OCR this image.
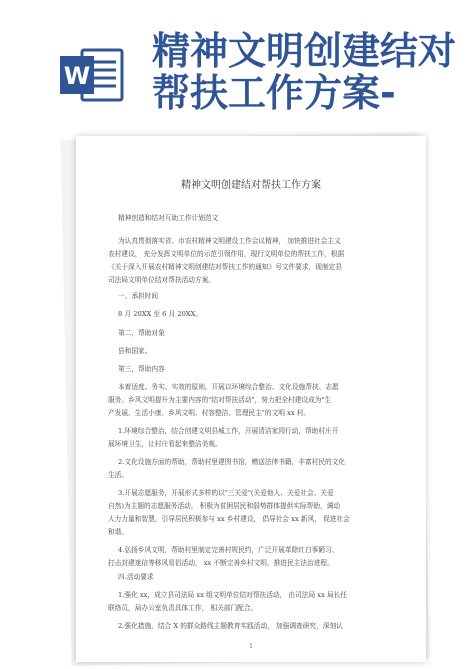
W
精神文明创建结对
帮扶工作方案-
精神文明创建结对帮扶工作方案
精神创造和结对互助工作计划范文
为认真贯彻落实省、市农村精神文明建设工作会议精神， 加快推进社会主义
农村建设， 充分发挥文明单位的示范引领作用，现行文明单位的帮扶工作，根据
《关于深入开展农村精神文明创建结对帮扶工作的通知》号文件要求，现制定县
司法局文明单位结对帮扶活动方案。
一、承担时间
8 月 20XX 至 6 月 20XX。
第二，帮助对象
县和国家。
第三，帮助内容
本着适度、务实、实效的原则，开展以环境综合整治、文化设施帮扶、志愿
服务、乡风文明提升为主要内容的"结对帮扶活动"，努力把全村建设成为"生
产发展、生活小康、乡风文明、村容整洁、管理民主"的文明 xx 村。
1.环境综合整治，结合创建文明县城工作，开展清洁家园行动，帮助村庄开
展环境卫生，让村庄看起来整洁美观。
2.文化设施方面的帮助，帮助村里建图书馆，赠送法律书籍，丰富村民的文化
生活。
3.开展志愿服务，开展形式多样的以"三关爱"(关爱他人、关爱社会、关爱
自然)为主题的志愿服务活动， 积极为贫困居民和弱势群体提供实际帮助，调动
人力力量和智慧，引导居民积极参与 xx 乡村建设， 倡导社会 xx 新风， 促进社会
和谐。
4.弘扬乡风文明，帮助村里制定完善村规民约，广泛开展革除红白事陋习、
打击封建迷信等移风易俗活动， xx 不断完善乡村文明，推进民主法治进程。
四.活动要求
1.强化 xx，成立县司法局 xx 组文明单位结对帮扶活动， 由司法局 xx 局长任
联络员，局办公室负责具体工作， 相关部门配合。
2.强化措施，结合 X 的群众路线主题教育实践活动， 加强调查研究，深刻认
1
